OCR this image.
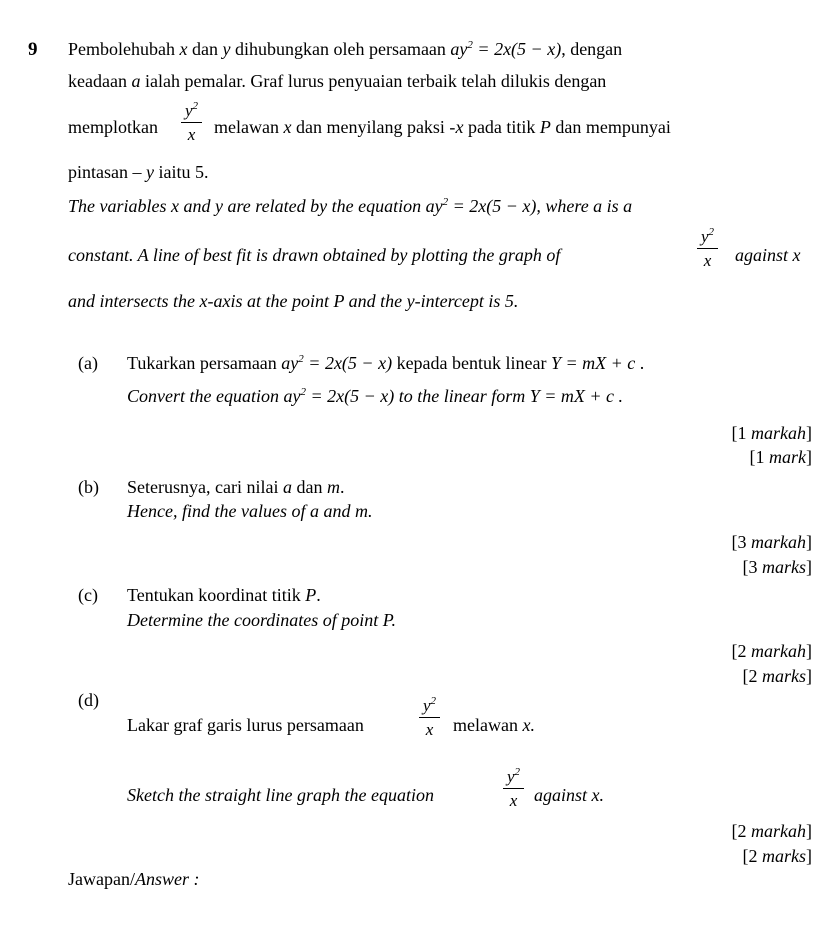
9 Pembolehubah x dan y dihubungkan oleh persamaan $ay^2 = 2x(5 - x)$, dengan
keadaan a ialah pemalar. Graf lurus penyuaian terbaik telah dilukis dengan
memplotkan $\frac{y^2}{x}$ melawan x dan menyilang paksi -x pada titik P dan mempunyai
pintasan – y iaitu 5.
The variables x and y are related by the equation $ay^2 = 2x(5 - x)$, where a is a
constant. A line of best fit is drawn obtained by plotting the graph of	$\frac{y^2}{x}$ against x
and intersects the x-axis at the point P and the y-intercept is 5.
(a) Tukarkan persamaan $ay^2 = 2x(5 - x)$ kepada bentuk linear Y = mX + c .
Convert the equation $ay^2 = 2x(5 - x)$ to the linear form Y = mX + c .
[1 markah]
[1 mark]
(b) Seterusnya, cari nilai a dan m.
Hence, find the values of a and m.
[3 markah]
[3 marks]
(c) Tentukan koordinat titik P.
Determine the coordinates of point P.
[2 markah]
[2 marks]
(d)
Lakar graf garis lurus persamaan	$\frac{y^2}{x}$ melawan x.
Sketch the straight line graph the equation	$\frac{y^2}{x}$ against x.
[2 markah]
[2 marks]
Jawapan/Answer :
